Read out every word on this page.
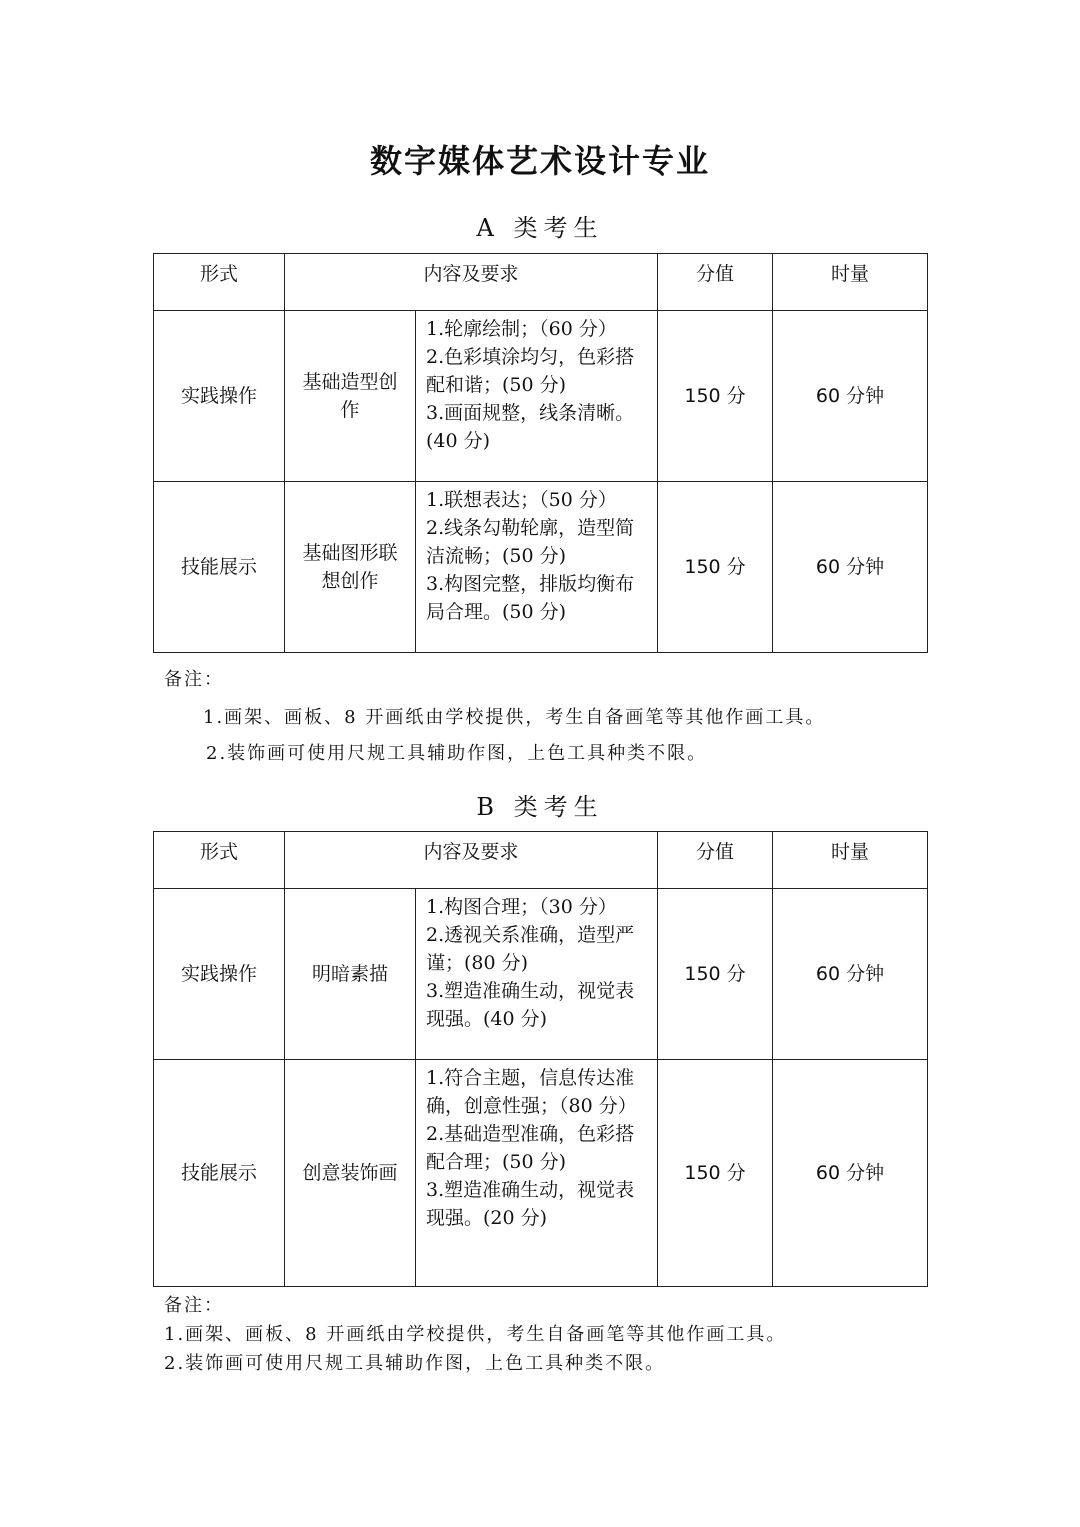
数字媒体艺术设计专业
A 类考生
形式	内容及要求		分值	时量
实践操作	基础造型创作	1.轮廓绘制；（60 分）
2.色彩填涂均匀，色彩搭配和谐；(50 分)
3.画面规整，线条清晰。(40 分)	150 分	60 分钟
技能展示	基础图形联想创作	1.联想表达；（50 分）
2.线条勾勒轮廓，造型简洁流畅；(50 分)
3.构图完整，排版均衡布局合理。(50 分)	150 分	60 分钟
备注：
1.画架、画板、8 开画纸由学校提供，考生自备画笔等其他作画工具。
2.装饰画可使用尺规工具辅助作图，上色工具种类不限。
B 类考生
形式	内容及要求		分值	时量
实践操作	明暗素描	1.构图合理；（30 分）
2.透视关系准确，造型严谨；(80 分)
3.塑造准确生动，视觉表现强。(40 分)	150 分	60 分钟
技能展示	创意装饰画	1.符合主题，信息传达准确，创意性强；（80 分）
2.基础造型准确，色彩搭配合理；(50 分)
3.塑造准确生动，视觉表现强。(20 分)	150 分	60 分钟
备注：
1.画架、画板、8 开画纸由学校提供，考生自备画笔等其他作画工具。
2.装饰画可使用尺规工具辅助作图，上色工具种类不限。
